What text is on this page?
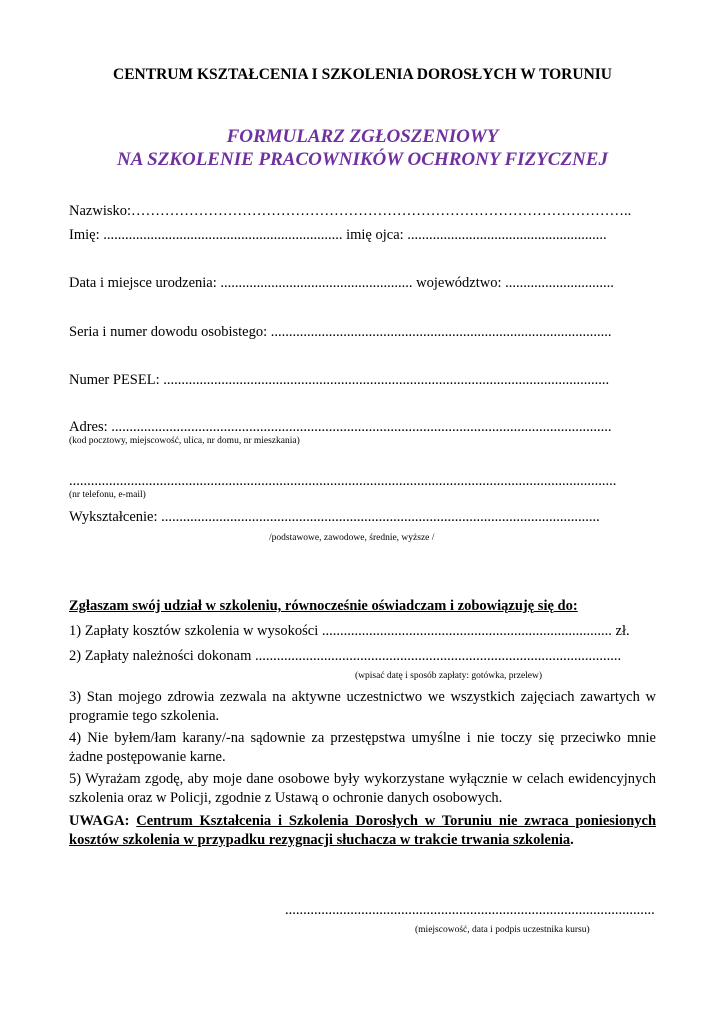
CENTRUM KSZTAŁCENIA I SZKOLENIA DOROSŁYCH W TORUNIU
FORMULARZ ZGŁOSZENIOWY
NA SZKOLENIE PRACOWNIKÓW OCHRONY FIZYCZNEJ
Nazwisko:…………………………………………………………………………………………..
Imię: .................................................................. imię ojca: .......................................................
Data i miejsce urodzenia: ..................................................... województwo: ..............................
Seria i numer dowodu osobistego: ..............................................................................................
Numer PESEL: ...........................................................................................................................
Adres: ..........................................................................................................................................
(kod pocztowy, miejscowość, ulica, nr domu, nr mieszkania)
.......................................................................................................................................................
(nr telefonu, e-mail)
Wykształcenie: .........................................................................................................................
/podstawowe, zawodowe, średnie, wyższe /
Zgłaszam swój udział w szkoleniu, równocześnie oświadczam i zobowiązuję się do:
1) Zapłaty kosztów szkolenia w wysokości ................................................................................ zł.
2) Zapłaty należności dokonam .....................................................................................................
(wpisać datę i sposób zapłaty: gotówka, przelew)
3) Stan mojego zdrowia zezwala na aktywne uczestnictwo we wszystkich zajęciach zawartych w programie tego szkolenia.
4) Nie byłem/łam karany/-na sądownie za przestępstwa umyślne i nie toczy się przeciwko mnie żadne postępowanie karne.
5) Wyrażam zgodę, aby moje dane osobowe były wykorzystane wyłącznie w celach ewidencyjnych szkolenia oraz w Policji, zgodnie z Ustawą o ochronie danych osobowych.
UWAGA: Centrum Kształcenia i Szkolenia Dorosłych w Toruniu nie zwraca poniesionych kosztów szkolenia w przypadku rezygnacji słuchacza w trakcie trwania szkolenia.
......................................................................................................
(miejscowość, data i podpis uczestnika kursu)
